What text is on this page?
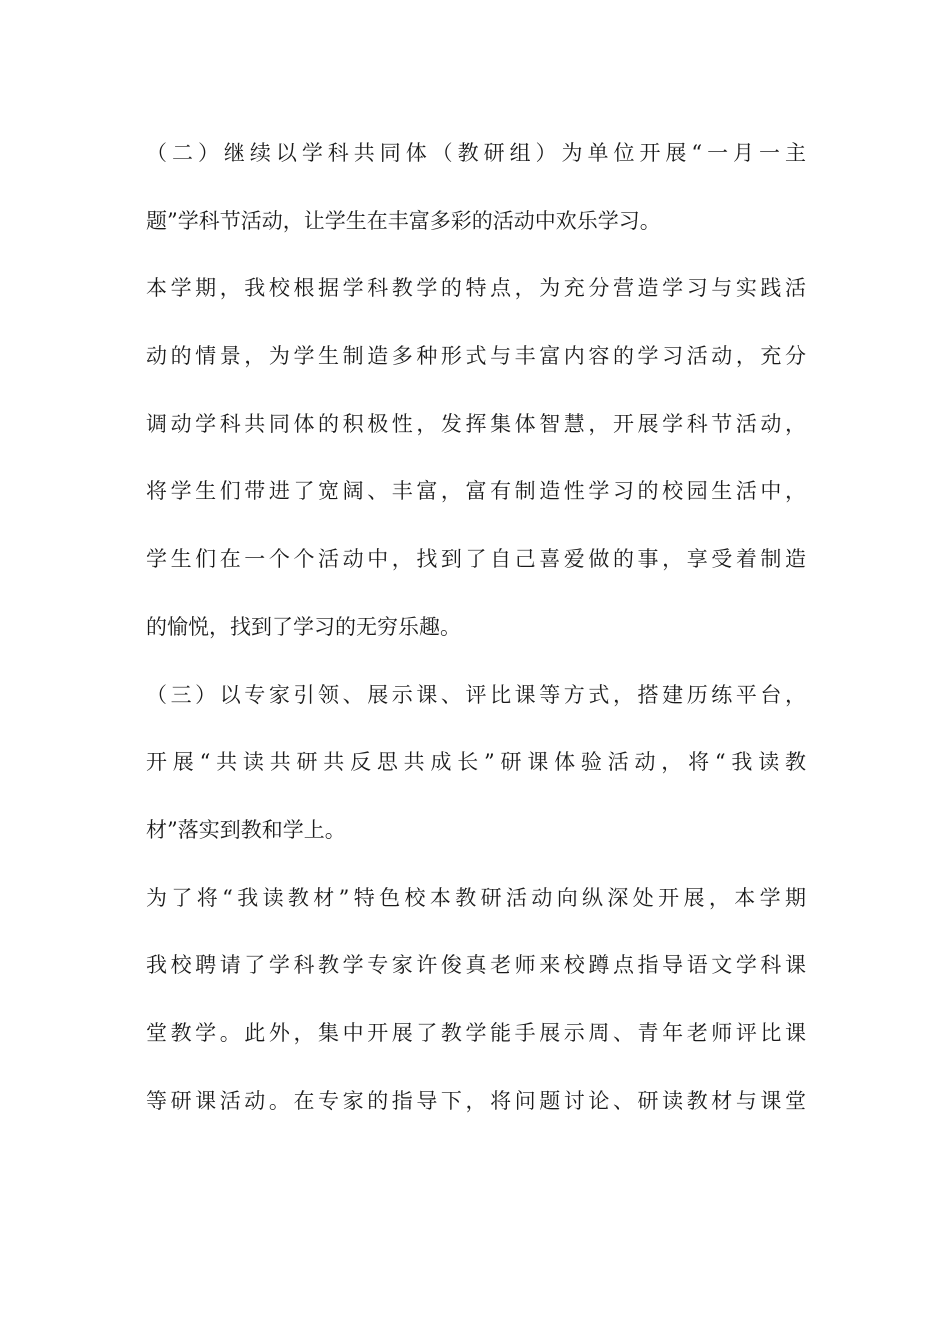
（二）继续以学科共同体（教研组）为单位开展“一月一主
题”学科节活动，让学生在丰富多彩的活动中欢乐学习。
本学期，我校根据学科教学的特点，为充分营造学习与实践活
动的情景，为学生制造多种形式与丰富内容的学习活动，充分
调动学科共同体的积极性，发挥集体智慧，开展学科节活动，
将学生们带进了宽阔、丰富，富有制造性学习的校园生活中，
学生们在一个个活动中，找到了自己喜爱做的事，享受着制造
的愉悦，找到了学习的无穷乐趣。
（三）以专家引领、展示课、评比课等方式，搭建历练平台，
开展“共读共研共反思共成长”研课体验活动，将“我读教
材”落实到教和学上。
为了将“我读教材”特色校本教研活动向纵深处开展，本学期
我校聘请了学科教学专家许俊真老师来校蹲点指导语文学科课
堂教学。此外，集中开展了教学能手展示周、青年老师评比课
等研课活动。在专家的指导下，将问题讨论、研读教材与课堂
